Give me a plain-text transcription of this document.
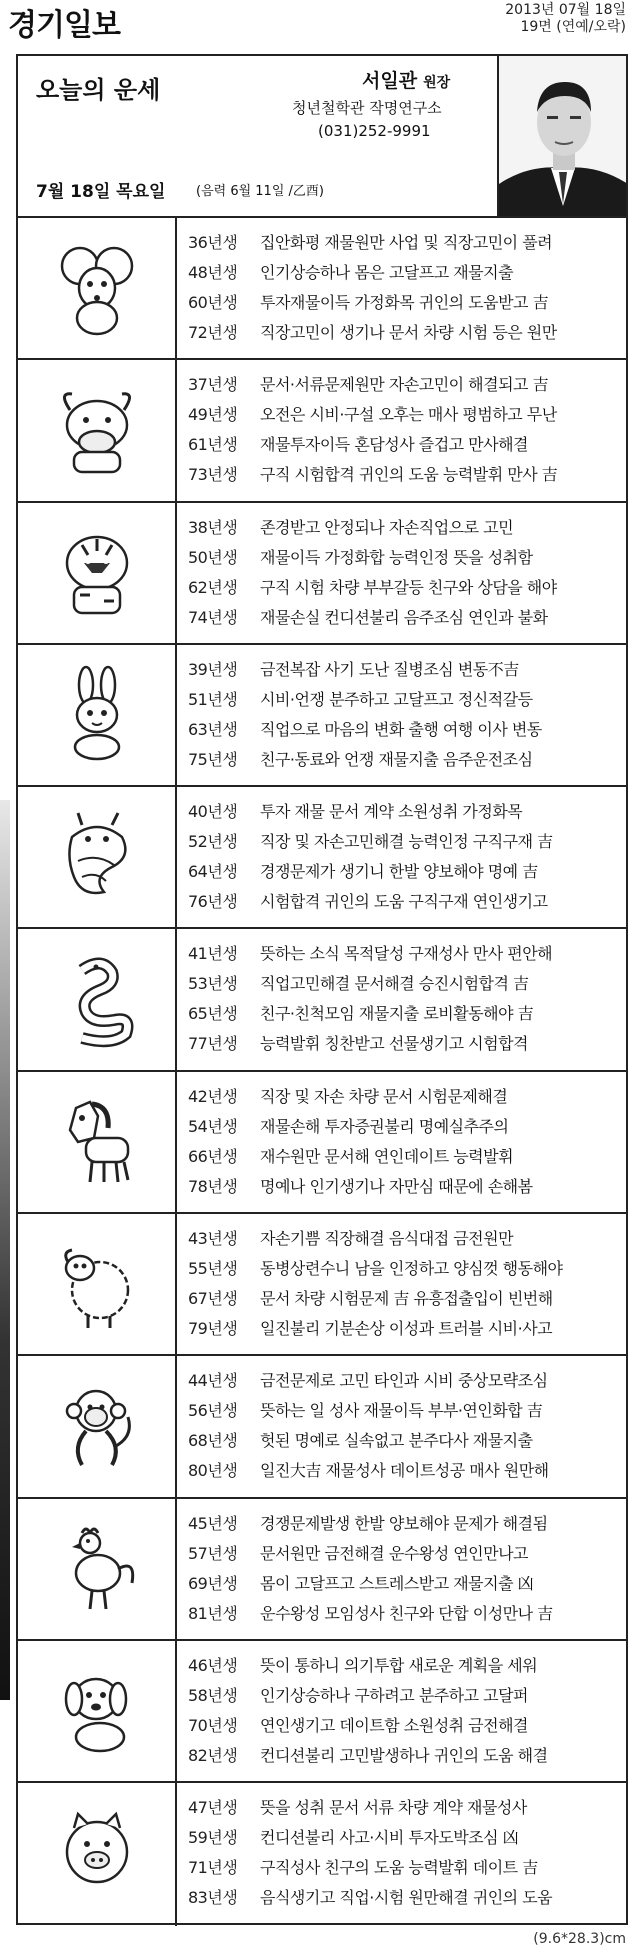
경기일보	2013년 07월 18일
19면 (연예/오락)
오늘의 운세	서일관 원장
청년철학관 작명연구소
(031)252-9991
7월 18일 목요일 (음력 6월 11일 /乙酉)
36년생 집안화평 재물원만 사업 및 직장고민이 풀려
48년생 인기상승하나 몸은 고달프고 재물지출
60년생 투자재물이득 가정화목 귀인의 도움받고 吉
72년생 직장고민이 생기나 문서 차량 시험 등은 원만
37년생 문서·서류문제원만 자손고민이 해결되고 吉
49년생 오전은 시비·구설 오후는 매사 평범하고 무난
61년생 재물투자이득 혼담성사 즐겁고 만사해결
73년생 구직 시험합격 귀인의 도움 능력발휘 만사 吉
38년생 존경받고 안정되나 자손직업으로 고민
50년생 재물이득 가정화합 능력인정 뜻을 성취함
62년생 구직 시험 차량 부부갈등 친구와 상담을 해야
74년생 재물손실 컨디션불리 음주조심 연인과 불화
39년생 금전복잡 사기 도난 질병조심 변동不吉
51년생 시비·언쟁 분주하고 고달프고 정신적갈등
63년생 직업으로 마음의 변화 출행 여행 이사 변동
75년생 친구·동료와 언쟁 재물지출 음주운전조심
40년생 투자 재물 문서 계약 소원성취 가정화목
52년생 직장 및 자손고민해결 능력인정 구직구재 吉
64년생 경쟁문제가 생기니 한발 양보해야 명예 吉
76년생 시험합격 귀인의 도움 구직구재 연인생기고
41년생 뜻하는 소식 목적달성 구재성사 만사 편안해
53년생 직업고민해결 문서해결 승진시험합격 吉
65년생 친구·친척모임 재물지출 로비활동해야 吉
77년생 능력발휘 칭찬받고 선물생기고 시험합격
42년생 직장 및 자손 차량 문서 시험문제해결
54년생 재물손해 투자증권불리 명예실추주의
66년생 재수원만 문서해 연인데이트 능력발휘
78년생 명예나 인기생기나 자만심 때문에 손해봄
43년생 자손기쁨 직장해결 음식대접 금전원만
55년생 동병상련수니 남을 인정하고 양심껏 행동해야
67년생 문서 차량 시험문제 吉 유흥접출입이 빈번해
79년생 일진불리 기분손상 이성과 트러블 시비·사고
44년생 금전문제로 고민 타인과 시비 중상모략조심
56년생 뜻하는 일 성사 재물이득 부부·연인화합 吉
68년생 헛된 명예로 실속없고 분주다사 재물지출
80년생 일진大吉 재물성사 데이트성공 매사 원만해
45년생 경쟁문제발생 한발 양보해야 문제가 해결됨
57년생 문서원만 금전해결 운수왕성 연인만나고
69년생 몸이 고달프고 스트레스받고 재물지출 凶
81년생 운수왕성 모임성사 친구와 단합 이성만나 吉
46년생 뜻이 통하니 의기투합 새로운 계획을 세워
58년생 인기상승하나 구하려고 분주하고 고달퍼
70년생 연인생기고 데이트함 소원성취 금전해결
82년생 컨디션불리 고민발생하나 귀인의 도움 해결
47년생 뜻을 성취 문서 서류 차량 계약 재물성사
59년생 컨디션불리 사고·시비 투자도박조심 凶
71년생 구직성사 친구의 도움 능력발휘 데이트 吉
83년생 음식생기고 직업·시험 원만해결 귀인의 도움
(9.6*28.3)cm
